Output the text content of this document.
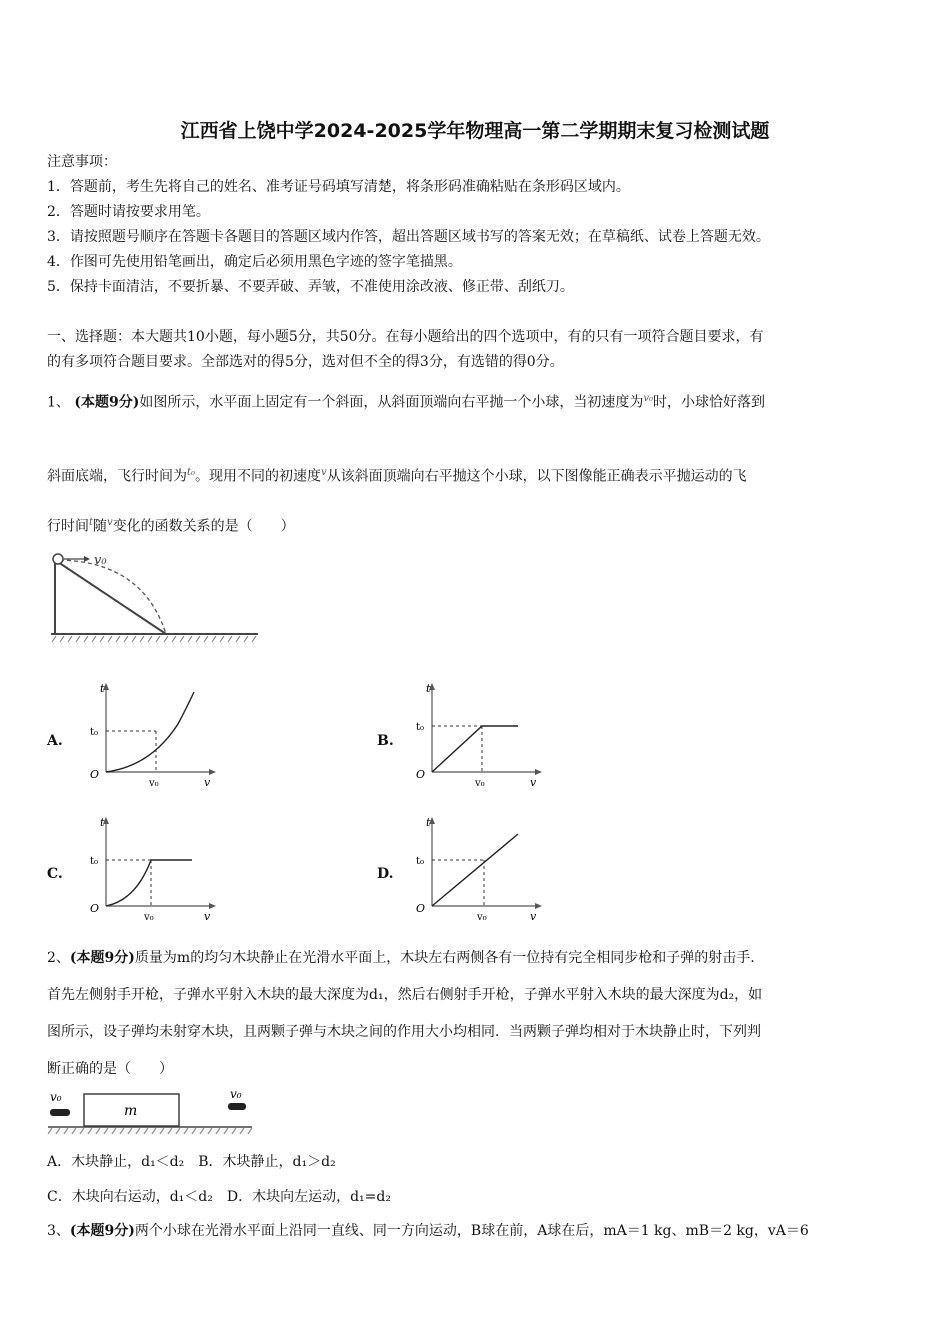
江西省上饶中学2024-2025学年物理高一第二学期期末复习检测试题
注意事项：
1．答题前，考生先将自己的姓名、准考证号码填写清楚，将条形码准确粘贴在条形码区域内。
2．答题时请按要求用笔。
3．请按照题号顺序在答题卡各题目的答题区域内作答，超出答题区域书写的答案无效；在草稿纸、试卷上答题无效。
4．作图可先使用铅笔画出，确定后必须用黑色字迹的签字笔描黑。
5．保持卡面清洁，不要折暴、不要弄破、弄皱，不准使用涂改液、修正带、刮纸刀。
一、选择题：本大题共10小题，每小题5分，共50分。在每小题给出的四个选项中，有的只有一项符合题目要求，有
的有多项符合题目要求。全部选对的得5分，选对但不全的得3分，有选错的得0分。
1、 (本题9分)如图所示，水平面上固定有一个斜面，从斜面顶端向右平抛一个小球，当初速度为$^{v_0}$时，小球恰好落到
斜面底端，飞行时间为$^{t_0}$。现用不同的初速度$^v$从该斜面顶端向右平抛这个小球，以下图像能正确表示平抛运动的飞
行时间$^t$随$^v$变化的函数关系的是（　　）
v₀
A.	B.
C.	D.
t
O
t₀
v₀	v
t
O
t₀
v₀	v
t
O
t₀
v₀	v
t
O
t₀
v₀	v
2、(本题9分)质量为m的均匀木块静止在光滑水平面上，木块左右两侧各有一位持有完全相同步枪和子弹的射击手.
首先左侧射手开枪，子弹水平射入木块的最大深度为d₁，然后右侧射手开枪，子弹水平射入木块的最大深度为d₂，如
图所示，设子弹均未射穿木块，且两颗子弹与木块之间的作用大小均相同．当两颗子弹均相对于木块静止时，下列判
断正确的是（　　）
v₀
m
v₀
A．木块静止，d₁＜d₂　B．木块静止，d₁＞d₂
C．木块向右运动，d₁＜d₂　D．木块向左运动，d₁=d₂
3、(本题9分)两个小球在光滑水平面上沿同一直线、同一方向运动，B球在前，A球在后，mA＝1 kg、mB＝2 kg，vA＝6
